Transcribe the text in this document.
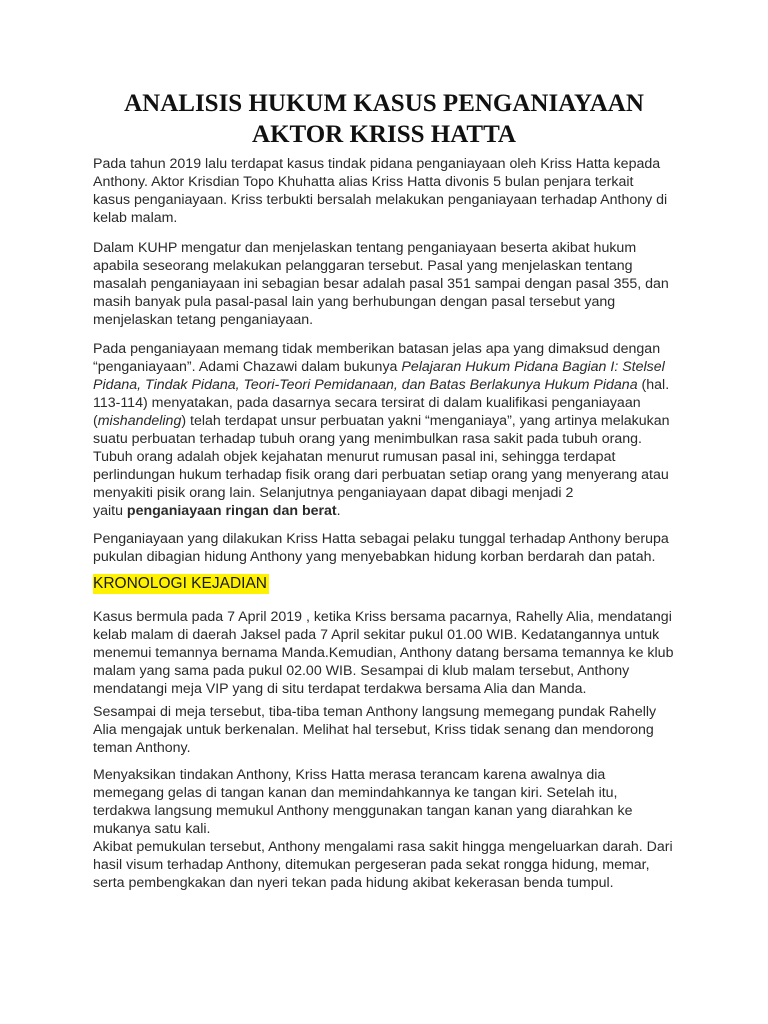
ANALISIS HUKUM KASUS PENGANIAYAAN
AKTOR KRISS HATTA

Pada tahun 2019 lalu terdapat kasus tindak pidana penganiayaan oleh Kriss Hatta kepada
Anthony. Aktor Krisdian Topo Khuhatta alias Kriss Hatta divonis 5 bulan penjara terkait
kasus penganiayaan. Kriss terbukti bersalah melakukan penganiayaan terhadap Anthony di
kelab malam.

Dalam KUHP mengatur dan menjelaskan tentang penganiayaan beserta akibat hukum
apabila seseorang melakukan pelanggaran tersebut. Pasal yang menjelaskan tentang
masalah penganiayaan ini sebagian besar adalah pasal 351 sampai dengan pasal 355, dan
masih banyak pula pasal-pasal lain yang berhubungan dengan pasal tersebut yang
menjelaskan tetang penganiayaan.

Pada penganiayaan memang tidak memberikan batasan jelas apa yang dimaksud dengan
“penganiayaan”. Adami Chazawi dalam bukunya Pelajaran Hukum Pidana Bagian I: Stelsel
Pidana, Tindak Pidana, Teori-Teori Pemidanaan, dan Batas Berlakunya Hukum Pidana (hal.
113-114) menyatakan, pada dasarnya secara tersirat di dalam kualifikasi penganiayaan
(mishandeling) telah terdapat unsur perbuatan yakni “menganiaya”, yang artinya melakukan
suatu perbuatan terhadap tubuh orang yang menimbulkan rasa sakit pada tubuh orang.
Tubuh orang adalah objek kejahatan menurut rumusan pasal ini, sehingga terdapat
perlindungan hukum terhadap fisik orang dari perbuatan setiap orang yang menyerang atau
menyakiti pisik orang lain. Selanjutnya penganiayaan dapat dibagi menjadi 2
yaitu penganiayaan ringan dan berat.

Penganiayaan yang dilakukan Kriss Hatta sebagai pelaku tunggal terhadap Anthony berupa
pukulan dibagian hidung Anthony yang menyebabkan hidung korban berdarah dan patah.

KRONOLOGI KEJADIAN

Kasus bermula pada 7 April 2019 , ketika Kriss bersama pacarnya, Rahelly Alia, mendatangi
kelab malam di daerah Jaksel pada 7 April sekitar pukul 01.00 WIB. Kedatangannya untuk
menemui temannya bernama Manda.Kemudian, Anthony datang bersama temannya ke klub
malam yang sama pada pukul 02.00 WIB. Sesampai di klub malam tersebut, Anthony
mendatangi meja VIP yang di situ terdapat terdakwa bersama Alia dan Manda.

Sesampai di meja tersebut, tiba-tiba teman Anthony langsung memegang pundak Rahelly
Alia mengajak untuk berkenalan. Melihat hal tersebut, Kriss tidak senang dan mendorong
teman Anthony.

Menyaksikan tindakan Anthony, Kriss Hatta merasa terancam karena awalnya dia
memegang gelas di tangan kanan dan memindahkannya ke tangan kiri. Setelah itu,
terdakwa langsung memukul Anthony menggunakan tangan kanan yang diarahkan ke
mukanya satu kali.

Akibat pemukulan tersebut, Anthony mengalami rasa sakit hingga mengeluarkan darah. Dari
hasil visum terhadap Anthony, ditemukan pergeseran pada sekat rongga hidung, memar,
serta pembengkakan dan nyeri tekan pada hidung akibat kekerasan benda tumpul.
